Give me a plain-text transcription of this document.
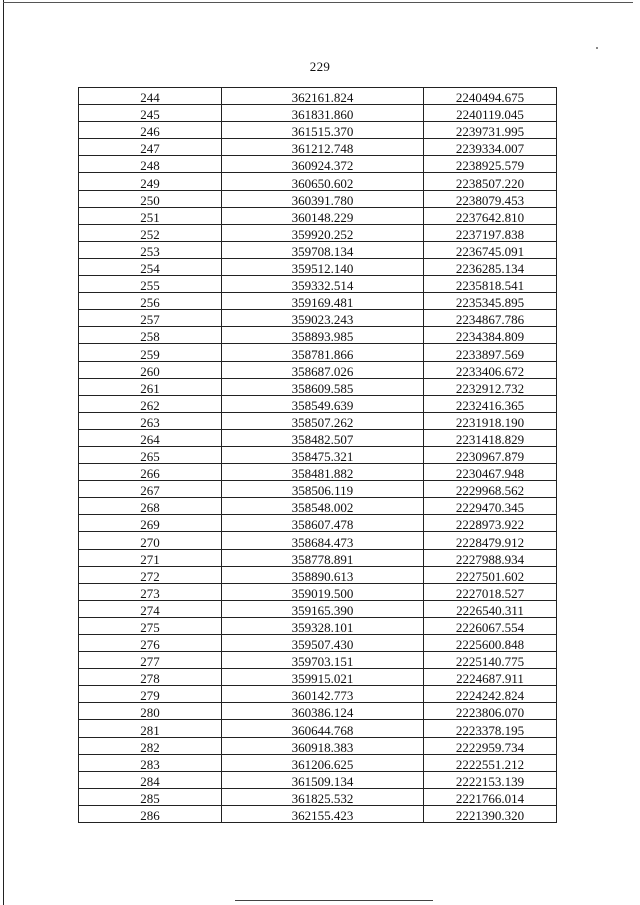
229
244	362161.824	2240494.675
245	361831.860	2240119.045
246	361515.370	2239731.995
247	361212.748	2239334.007
248	360924.372	2238925.579
249	360650.602	2238507.220
250	360391.780	2238079.453
251	360148.229	2237642.810
252	359920.252	2237197.838
253	359708.134	2236745.091
254	359512.140	2236285.134
255	359332.514	2235818.541
256	359169.481	2235345.895
257	359023.243	2234867.786
258	358893.985	2234384.809
259	358781.866	2233897.569
260	358687.026	2233406.672
261	358609.585	2232912.732
262	358549.639	2232416.365
263	358507.262	2231918.190
264	358482.507	2231418.829
265	358475.321	2230967.879
266	358481.882	2230467.948
267	358506.119	2229968.562
268	358548.002	2229470.345
269	358607.478	2228973.922
270	358684.473	2228479.912
271	358778.891	2227988.934
272	358890.613	2227501.602
273	359019.500	2227018.527
274	359165.390	2226540.311
275	359328.101	2226067.554
276	359507.430	2225600.848
277	359703.151	2225140.775
278	359915.021	2224687.911
279	360142.773	2224242.824
280	360386.124	2223806.070
281	360644.768	2223378.195
282	360918.383	2222959.734
283	361206.625	2222551.212
284	361509.134	2222153.139
285	361825.532	2221766.014
286	362155.423	2221390.320
